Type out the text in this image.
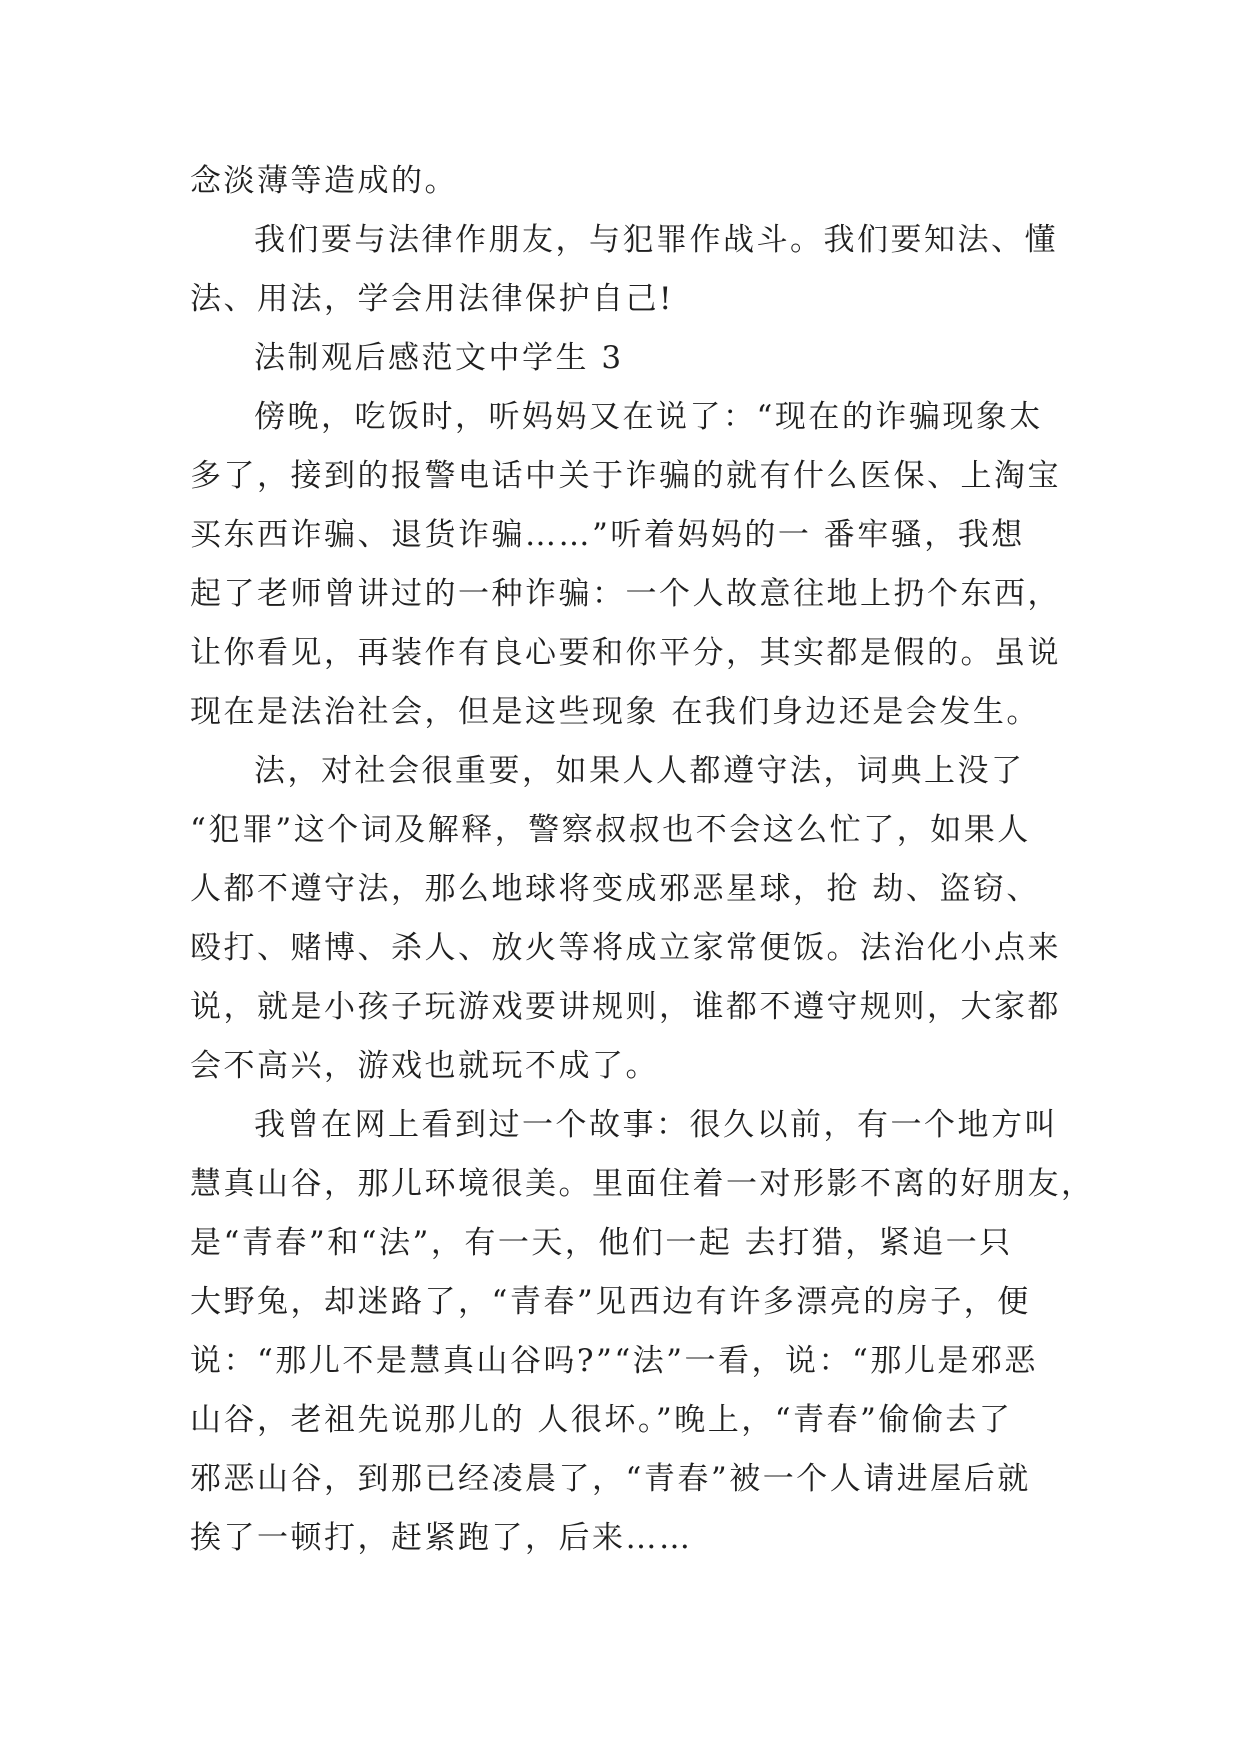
念淡薄等造成的。
我们要与法律作朋友，与犯罪作战斗。我们要知法、懂
法、用法，学会用法律保护自己!
法制观后感范文中学生 3
傍晚，吃饭时，听妈妈又在说了：“现在的诈骗现象太
多了，接到的报警电话中关于诈骗的就有什么医保、上淘宝
买东西诈骗、退货诈骗……”听着妈妈的一 番牢骚，我想
起了老师曾讲过的一种诈骗：一个人故意往地上扔个东西，
让你看见，再装作有良心要和你平分，其实都是假的。虽说
现在是法治社会，但是这些现象 在我们身边还是会发生。
法，对社会很重要，如果人人都遵守法，词典上没了
“犯罪”这个词及解释，警察叔叔也不会这么忙了，如果人
人都不遵守法，那么地球将变成邪恶星球，抢 劫、盗窃、
殴打、赌博、杀人、放火等将成立家常便饭。法治化小点来
说，就是小孩子玩游戏要讲规则，谁都不遵守规则，大家都
会不高兴，游戏也就玩不成了。
我曾在网上看到过一个故事：很久以前，有一个地方叫
慧真山谷，那儿环境很美。里面住着一对形影不离的好朋友，
是“青春”和“法”，有一天，他们一起 去打猎，紧追一只
大野兔，却迷路了，“青春”见西边有许多漂亮的房子，便
说：“那儿不是慧真山谷吗?”“法”一看，说：“那儿是邪恶
山谷，老祖先说那儿的 人很坏。”晚上，“青春”偷偷去了
邪恶山谷，到那已经凌晨了，“青春”被一个人请进屋后就
挨了一顿打，赶紧跑了，后来……
